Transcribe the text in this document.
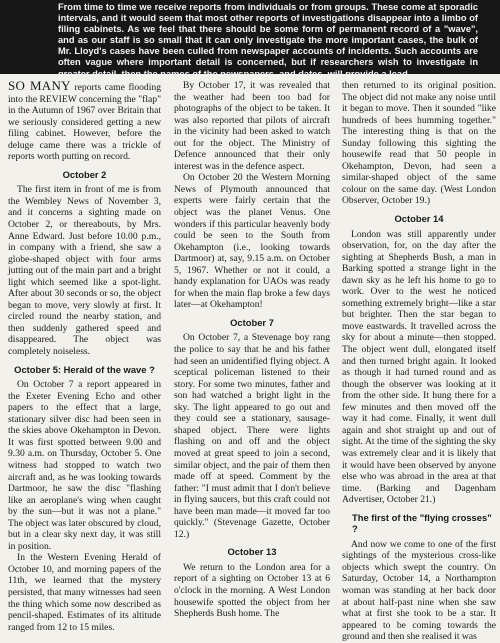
From time to time we receive reports from individuals or from groups. These come at sporadic intervals, and it would seem that most other reports of investigations disappear into a limbo of filing cabinets. As we feel that there should be some form of permanent record of a "wave", and as our staff is so small that it can only investigate the more important cases, the bulk of Mr. Lloyd's cases have been culled from newspaper accounts of incidents. Such accounts are often vague where important detail is concerned, but if researchers wish to investigate in greater detail, then the names of the newspapers, and dates, will provide a lead.

SO MANY reports came flooding into the REVIEW concerning the "flap" in the Autumn of 1967 over Britain that we seriously considered getting a new filing cabinet. However, before the deluge came there was a trickle of reports worth putting on record.

October 2

The first item in front of me is from the Wembley News of November 3, and it concerns a sighting made on October 2, or thereabouts, by Mrs. Anne Edward. Just before 10.00 p.m., in company with a friend, she saw a globe-shaped object with four arms jutting out of the main part and a bright light which seemed like a spot-light. After about 30 seconds or so, the object began to move, very slowly at first. It circled round the nearby station, and then suddenly gathered speed and disappeared. The object was completely noiseless.

October 5: Herald of the wave ?

On October 7 a report appeared in the Exeter Evening Echo and other papers to the effect that a large, stationary silver disc had been seen in the skies above Okehampton in Devon. It was first spotted between 9.00 and 9.30 a.m. on Thursday, October 5. One witness had stopped to watch two aircraft and, as he was looking towards Dartmoor, he saw the disc "flashing like an aeroplane's wing when caught by the sun—but it was not a plane." The object was later obscured by cloud, but in a clear sky next day, it was still in position.

In the Western Evening Herald of October 10, and morning papers of the 11th, we learned that the mystery persisted, that many witnesses had seen the thing which some now described as pencil-shaped. Estimates of its altitude ranged from 12 to 15 miles.

By October 17, it was revealed that the weather had been too bad for photographs of the object to be taken. It was also reported that pilots of aircraft in the vicinity had been asked to watch out for the object. The Ministry of Defence announced that their only interest was in the defence aspect.

On October 20 the Western Morning News of Plymouth announced that experts were fairly certain that the object was the planet Venus. One wonders if this particular heavenly body could be seen to the South from Okehampton (i.e., looking towards Dartmoor) at, say, 9.15 a.m. on October 5, 1967. Whether or not it could, a handy explanation for UAOs was ready for when the main flap broke a few days later—at Okehampton!

October 7

On October 7, a Stevenage boy rang the police to say that he and his father had seen an unidentified flying object. A sceptical policeman listened to their story. For some two minutes, father and son had watched a bright light in the sky. The light appeared to go out and they could see a stationary, sausage-shaped object. There were lights flashing on and off and the object moved at great speed to join a second, similar object, and the pair of them then made off at speed. Comment by the father: "I must admit that I don't believe in flying saucers, but this craft could not have been man made—it moved far too quickly." (Stevenage Gazette, October 12.)

October 13

We return to the London area for a report of a sighting on October 13 at 6 o'clock in the morning. A West London housewife spotted the object from her Shepherds Bush home. The

then returned to its original position. The object did not make any noise until it began to move. Then it sounded "like hundreds of bees humming together." The interesting thing is that on the Sunday following this sighting the housewife read that 50 people in Okehampton, Devon, had seen a similar-shaped object of the same colour on the same day. (West London Observer, October 19.)

October 14

London was still apparently under observation, for, on the day after the sighting at Shepherds Bush, a man in Barking spotted a strange light in the dawn sky as he left his home to go to work. Over to the west he noticed something extremely bright—like a star but brighter. Then the star began to move eastwards. It travelled across the sky for about a minute—then stopped. The object went dull, elongated itself and then turned bright again. It looked as though it had turned round and as though the observer was looking at it from the other side. It hung there for a few minutes and then moved off the way it had come. Finally, it went dull again and shot straight up and out of sight. At the time of the sighting the sky was extremely clear and it is likely that it would have been observed by anyone else who was abroad in the area at that time. (Barking and Dagenham Advertiser, October 21.)

The first of the "flying crosses" ?

And now we come to one of the first sightings of the mysterious cross-like objects which swept the country. On Saturday, October 14, a Northampton woman was standing at her back door at about half-past nine when she saw what at first she took to be a star. It appeared to be coming towards the ground and then she realised it was
